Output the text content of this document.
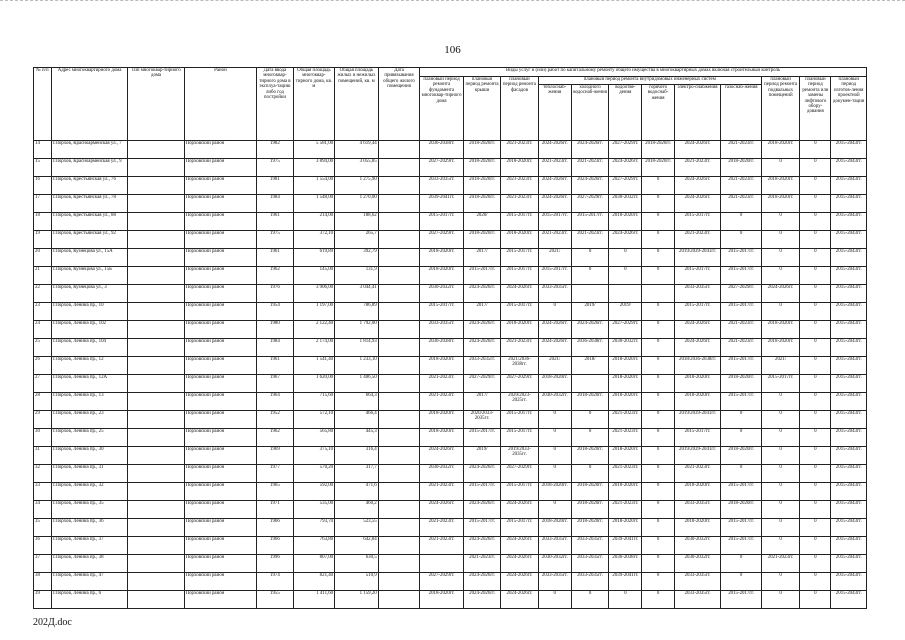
106
№ п/п	Адрес многоквартирного дома	Тип многоквар-тирного дома	Район	Дата ввода многоквар-тирного дома в эксплуа-тацию либо год постройки	Общая площадь многоквар-тирного дома, кв. м	Общая площадь жилых и нежилых помещений, кв. м	Дата привязывания общего жилого помещения	Виды услуг и (или) работ по капитальному ремонту общего имущества в многоквартирных домах включая строительный контроль											
								плановый период ремонта фундамента многоквар-тирного дома	плановый период ремонта крыши	плановый период ремонта фасадов	плановый период ремонта внутридомовых инженерных систем						плановый период ремонта подвальных помещений	плановый период ремонта или замены лифтового обору-дования	плановый период изготов-ления проектной докумен-тации
											теплоснаб-жения	холодного водоснаб-жения	водоотве-дения	горячего водоснаб-жения	электро-снабжения	газоснаб-жения			
14	г.Порхов, Красноармейская ул., 7		Порховский район	1982	5 581,00	4 619,44		2036-2038гг.	2018-2020гг.	2021-2023гг.	2024-2026гг.	2024-2026гг.	2027-2029гг.	2018-2020гг.	2024-2026гг.	2021-2023гг.	2018-2020гг.	0	2015-2043гг.
15	г.Порхов, Красноармейская ул., 9		Порховский район	1975	3 894,00	3 055,85		2027-2029гг.	2018-2020гг.	2018-2020гг.	2021-2023гг.	2021-2023гг.	2024-2026гг.	2018-2020гг.	2021-2023гг.	2018-2020гг.	0	0	2015-2043гг.
16	г.Порхов, Крестьянская ул., 76		Порховский район	1981	1 554,00	1 275,90		2033-2035гг.	2018-2020гг.	2021-2023гг.	2024-2026гг.	2024-2026гг.	2027-2029гг.	0	2024-2026гг.	2021-2023гг.	2018-2020гг.	0	2015-2043гг.
17	г.Порхов, Крестьянская ул., 78		Порховский район	1984	1 548,00	1 270,00		2039-2041гг.	2018-2020гг.	2021-2023гг.	2024-2026гг.	2027-2029гг.	2030-2032гг.	0	2024-2026гг.	2021-2023гг.	2018-2020гг.	0	2015-2043гг.
18	г.Порхов, Крестьянская ул., 88		Порховский район	1961	214,00	188,62		2015-2017гг.	2020/	2015-2017гг.	2015-2017гг.	2015-2017гг.	2018-2020гг.	0	2015-2017гг.	0	0	0	2015-2043гг.
19	г.Порхов, Крестьянская ул., 92		Порховский район	1975	372,10	265,7		2027-2029гг.	2018-2020гг.	2018-2020гг.	2021-2023гг.	2021-2023гг.	2024-2026гг.	0	2021-2023гг.	0	0	0	2015-2043гг.
20	г.Порхов, Кузнецова ул., 15А		Порховский район	1961	619,89	392,79		2018-2020гг.	2017/	2015-2017гг.	2021/	0	0	0	2019/2039-2041гг.	2015-2017гг.	0	0	2015-2043гг.
21	г.Порхов, Кузнецова ул., 15Б		Порховский район	1962	145,00	131,9		2018-2020гг.	2015-2017гг.	2015-2017гг.	2015-2017гг.	0	0	0	2015-2017гг.	2015-2017гг.	0	0	2015-2043гг.
22	г.Порхов, Кузнецова ул., 3		Порховский район	1976	3 906,00	3 044,41		2030-2032гг.	2024-2026гг.	2024-2026гг.	2033-2035гг.				2033-2035гг.	2027-2029гг.	2024-2026гг.	0	2015-2043гг.
23	г.Порхов, Ленина пр., 10		Порховский район	1954	1 197,00	786,89		2015-2017гг.	2017/	2015-2017гг.	0	2019/	2019/	0	2015-2017гг.	2015-2017гг.	0	0	2015-2043гг.
24	г.Порхов, Ленина пр., 102		Порховский район	1980	2 122,40	1 792,00		2033-2035гг.	2024-2026гг.	2018-2020гг.	2024-2026гг.	2024-2026гг.	2027-2029гг.	0	2024-2026гг.	2021-2023гг.	2018-2020гг.	0	2015-2043гг.
25	г.Порхов, Ленина пр., 104		Порховский район	1984	2 174,00	1 814,93		2036-2038гг.	2024-2026гг.	2021-2023гг.	2024-2026гг.	2036-2038гг.	2030-2032гг.	0	2024-2026гг.	2021-2023гг.	2018-2020гг.	0	2015-2043гг.
26	г.Порхов, Ленина пр., 12		Порховский район	1961	1 541,40	1 233,10		2018-2020гг.	2033-2035гг.	2021/2036-2038гг.	2021/	2018/	2018-2020гг.	0	2018/2036-2038гг.	2015-2017гг.	2021/	0	2015-2043гг.
27	г.Порхов, Ленина пр., 12А		Порховский район	1967	1 620,00	1 406,50		2021-2023гг.	2027-2029гг.	2027-2029гг.	2018-2020гг.		2018-2020гг.	0	2018-2020гг.	2018-2020гг.	2015-2017гг.	0	2015-2043гг.
28	г.Порхов, Ленина пр., 13		Порховский район	1964	715,60	664,3		2021-2023гг.	2017/	2020/2023-2025гг.	2030-2032гг.	2018-2020гг.	2018-2020гг.	0	2018-2020гг.	2015-2017гг.	0	0	2015-2043гг.
29	г.Порхов, Ленина пр., 23		Порховский район	1952	572,10	466,4		2018-2020гг.	2020/2033-2035гг.	2015-2017гг.	0	0	2021-2023гг.	0	2019/2039-2041гг.	0	0	0	2015-2043гг.
30	г.Порхов, Ленина пр., 25		Порховский район	1962	565,80	445,3		2018-2020гг.	2015-2017гг.	2015-2017гг.	0	0	2021-2023гг.	0	2015-2017гг.	0	0	0	2015-2043гг.
31	г.Порхов, Ленина пр., 30		Порховский район	1969	375,10	316,4		2024-2026гг.	2019/	2019/2033-2035гг.	0	2018-2020гг.	2018-2020гг.	0	2019/2039-2041гг.	2018-2020гг.	0	0	2015-2043гг.
32	г.Порхов, Ленина пр., 31		Порховский район	1977	570,20	317,7		2030-2032гг.	2024-2026гг.	2027-2029гг.	0	0	2021-2023гг.	0	2021-2023гг.	0	0	0	2015-2043гг.
33	г.Порхов, Ленина пр., 32		Порховский район	1965	592,00	471,6		2021-2023гг.	2015-2017гг.	2015-2017гг.	2018-2020гг.	2018-2020гг.	2018-2020гг.	0	2018-2020гг.	2015-2017гг.	0	0	2015-2043гг.
34	г.Порхов, Ленина пр., 35		Порховский район	1971	535,00	460,2		2024-2026гг.	2024-2026гг.	2024-2026гг.	0	2018-2020гг.	2021-2023гг.	0	2033-2035гг.	2018-2020гг.	0	0	2015-2043гг.
35	г.Порхов, Ленина пр., 36		Порховский район	1966	793,70	523,55		2021-2023гг.	2015-2017гг.	2015-2017гг.	2018-2020гг.	2018-2020гг.	2018-2020гг.	0	2018-2020гг.	2015-2017гг.	0	0	2015-2043гг.
36	г.Порхов, Ленина пр., 37		Порховский район	1966	763,80	642,84		2021-2023гг.	2024-2026гг.	2024-2026гг.	2033-2035гг.	2033-2035гг.	2039-2041гг.	0	2030-2032гг.	2015-2017гг.	0	0	2015-2043гг.
37	г.Порхов, Ленина пр., 38		Порховский район	1996	807,00	630,5			2021-2023гг.	2024-2026гг.	2030-2032гг.	2033-2035гг.	2036-2038гг.	0	2030-2032гг.	0	2021-2023гг.	0	2015-2043гг.
38	г.Порхов, Ленина пр., 47		Порховский район	1974	821,40	510,9		2027-2029гг.	2024-2026гг.	2024-2026гг.	2033-2035гг.	2033-2035гг.	2039-2041гг.	0	2033-2035гг.	0	0	0	2015-2043гг.
39	г.Порхов, Ленина пр., 6		Порховский район	1955	1 411,60	1 159,20		2018-2020гг.	2024-2026гг.	2024-2026гг.	0	0	0	0	2033-2035гг.	2015-2017гг.	0	0	2015-2043гг.
202Д.doc
